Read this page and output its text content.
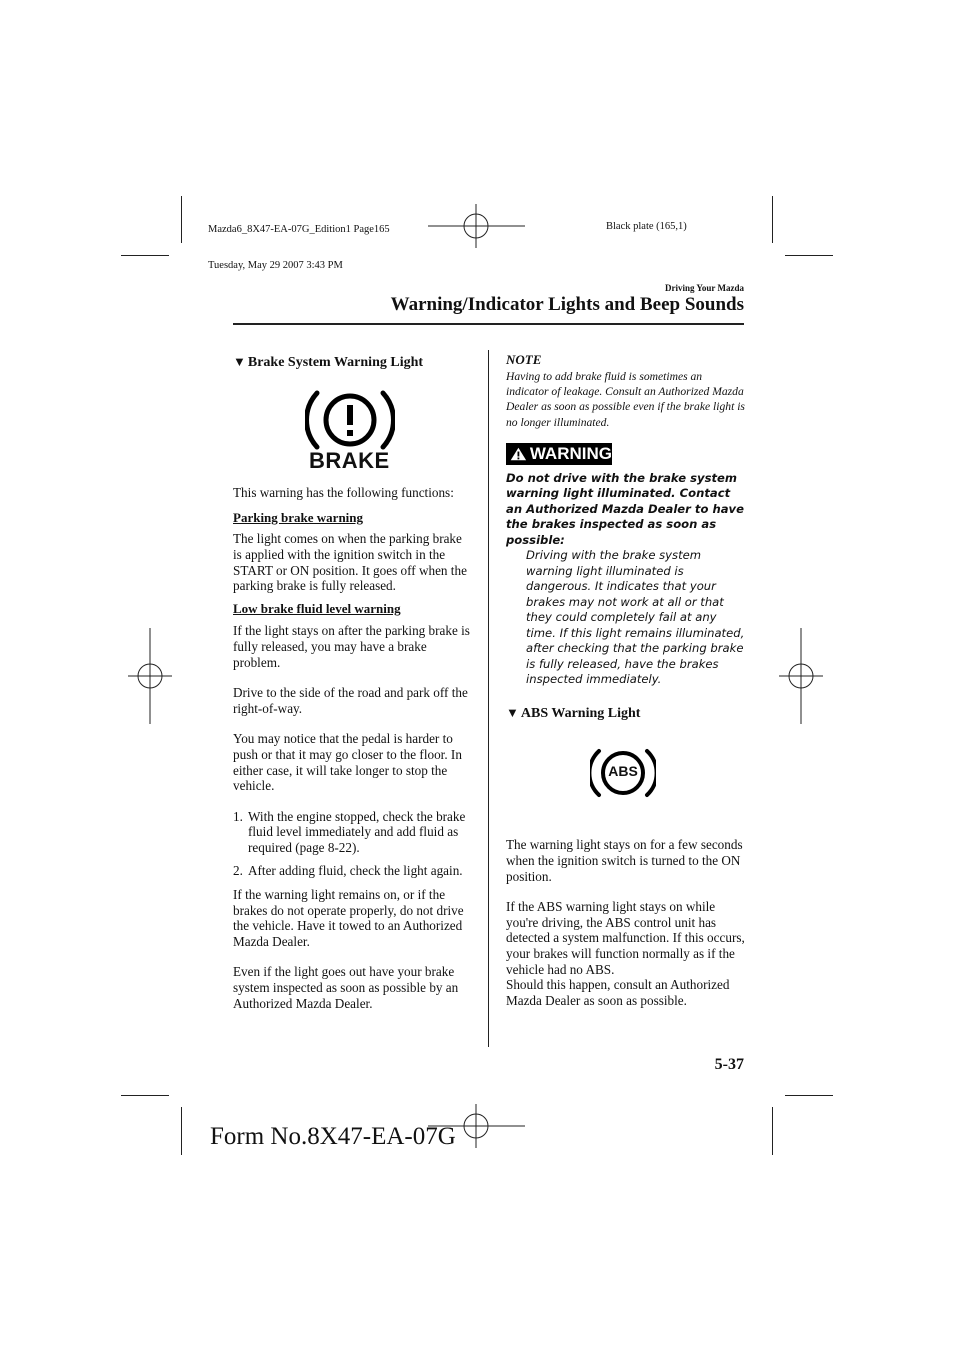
Mazda6_8X47-EA-07G_Edition1 Page165

Tuesday, May 29 2007 3:43 PM

Black plate (165,1)
Driving Your Mazda
Warning/Indicator Lights and Beep Sounds
▼ Brake System Warning Light
BRAKE

This warning has the following functions:

Parking brake warning

The light comes on when the parking brake is applied with the ignition switch in the START or ON position. It goes off when the parking brake is fully released.

Low brake fluid level warning

If the light stays on after the parking brake is fully released, you may have a brake problem.

Drive to the side of the road and park off the right-of-way.

You may notice that the pedal is harder to push or that it may go closer to the floor. In either case, it will take longer to stop the vehicle.

1. With the engine stopped, check the brake fluid level immediately and add fluid as required (page 8-22).
2. After adding fluid, check the light again.

If the warning light remains on, or if the brakes do not operate properly, do not drive the vehicle. Have it towed to an Authorized Mazda Dealer.

Even if the light goes out have your brake system inspected as soon as possible by an Authorized Mazda Dealer.

NOTE
Having to add brake fluid is sometimes an indicator of leakage. Consult an Authorized Mazda Dealer as soon as possible even if the brake light is no longer illuminated.
WARNING
Do not drive with the brake system warning light illuminated. Contact an Authorized Mazda Dealer to have the brakes inspected as soon as possible:
Driving with the brake system warning light illuminated is dangerous. It indicates that your brakes may not work at all or that they could completely fail at any time. If this light remains illuminated, after checking that the parking brake is fully released, have the brakes inspected immediately.
▼ ABS Warning Light
ABS

The warning light stays on for a few seconds when the ignition switch is turned to the ON position.

If the ABS warning light stays on while you're driving, the ABS control unit has detected a system malfunction. If this occurs, your brakes will function normally as if the vehicle had no ABS.

Should this happen, consult an Authorized Mazda Dealer as soon as possible.

5-37
Form No.8X47-EA-07G
